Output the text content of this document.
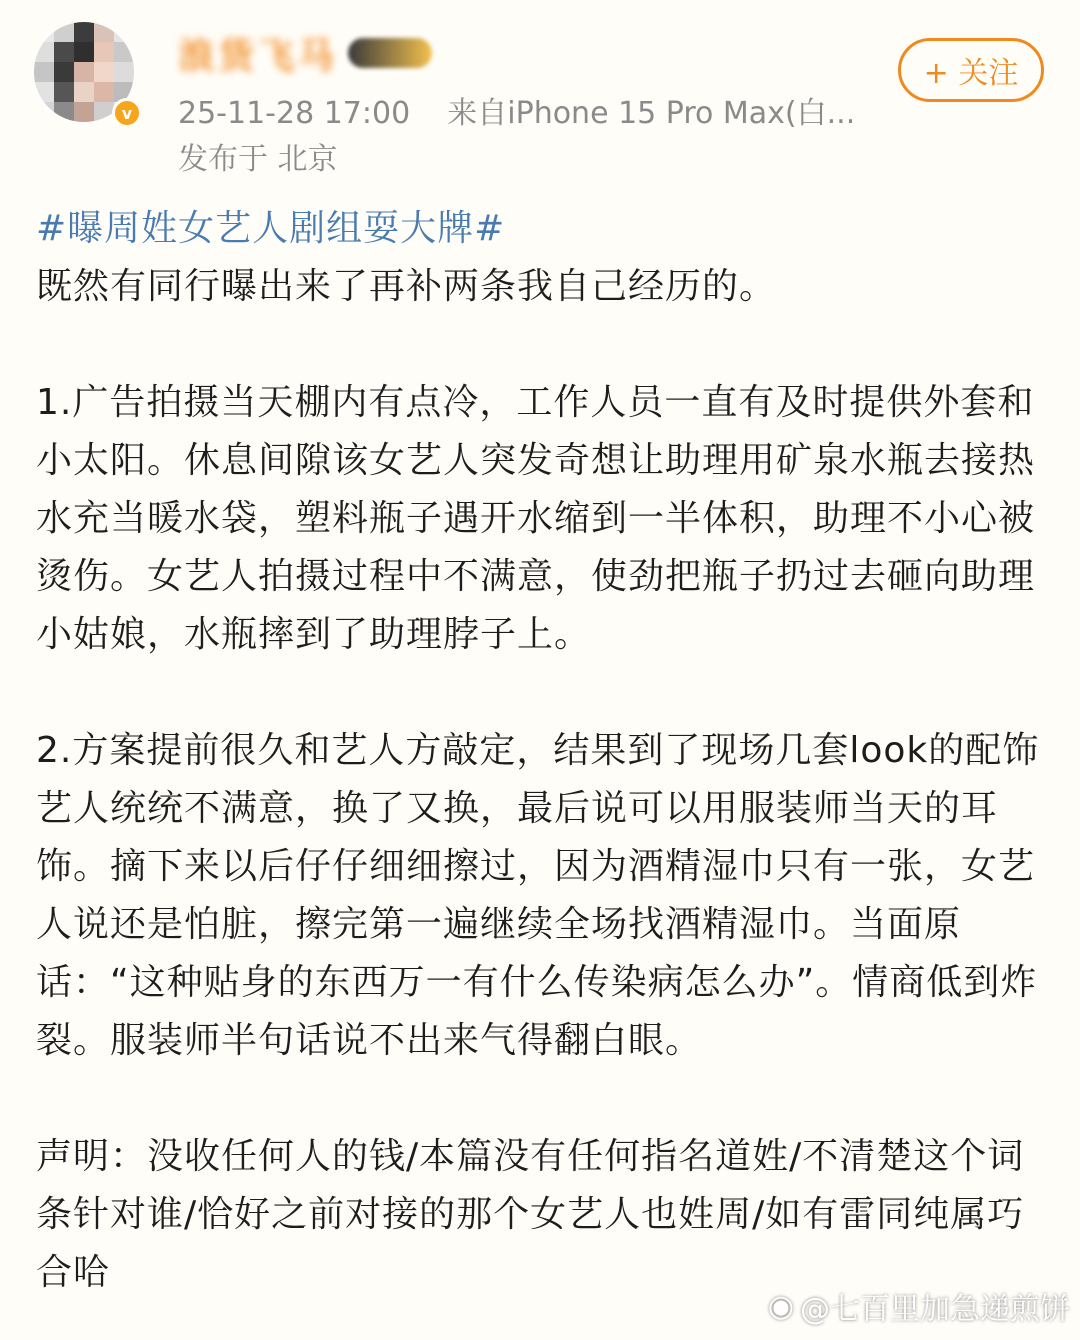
v
浪货飞马
25-11-28 17:00 来自iPhone 15 Pro Max(白...
发布于 北京
+ 关注
#曝周姓女艺人剧组耍大牌#
既然有同行曝出来了再补两条我自己经历的。
1.广告拍摄当天棚内有点冷，工作人员一直有及时提供外套和小太阳。休息间隙该女艺人突发奇想让助理用矿泉水瓶去接热水充当暖水袋，塑料瓶子遇开水缩到一半体积，助理不小心被烫伤。女艺人拍摄过程中不满意，使劲把瓶子扔过去砸向助理小姑娘，水瓶摔到了助理脖子上。
2.方案提前很久和艺人方敲定，结果到了现场几套look的配饰艺人统统不满意，换了又换，最后说可以用服装师当天的耳饰。摘下来以后仔仔细细擦过，因为酒精湿巾只有一张，女艺人说还是怕脏，擦完第一遍继续全场找酒精湿巾。当面原话：“这种贴身的东西万一有什么传染病怎么办”。情商低到炸裂。服装师半句话说不出来气得翻白眼。
声明：没收任何人的钱/本篇没有任何指名道姓/不清楚这个词条针对谁/恰好之前对接的那个女艺人也姓周/如有雷同纯属巧合哈
◉ @七百里加急递煎饼
